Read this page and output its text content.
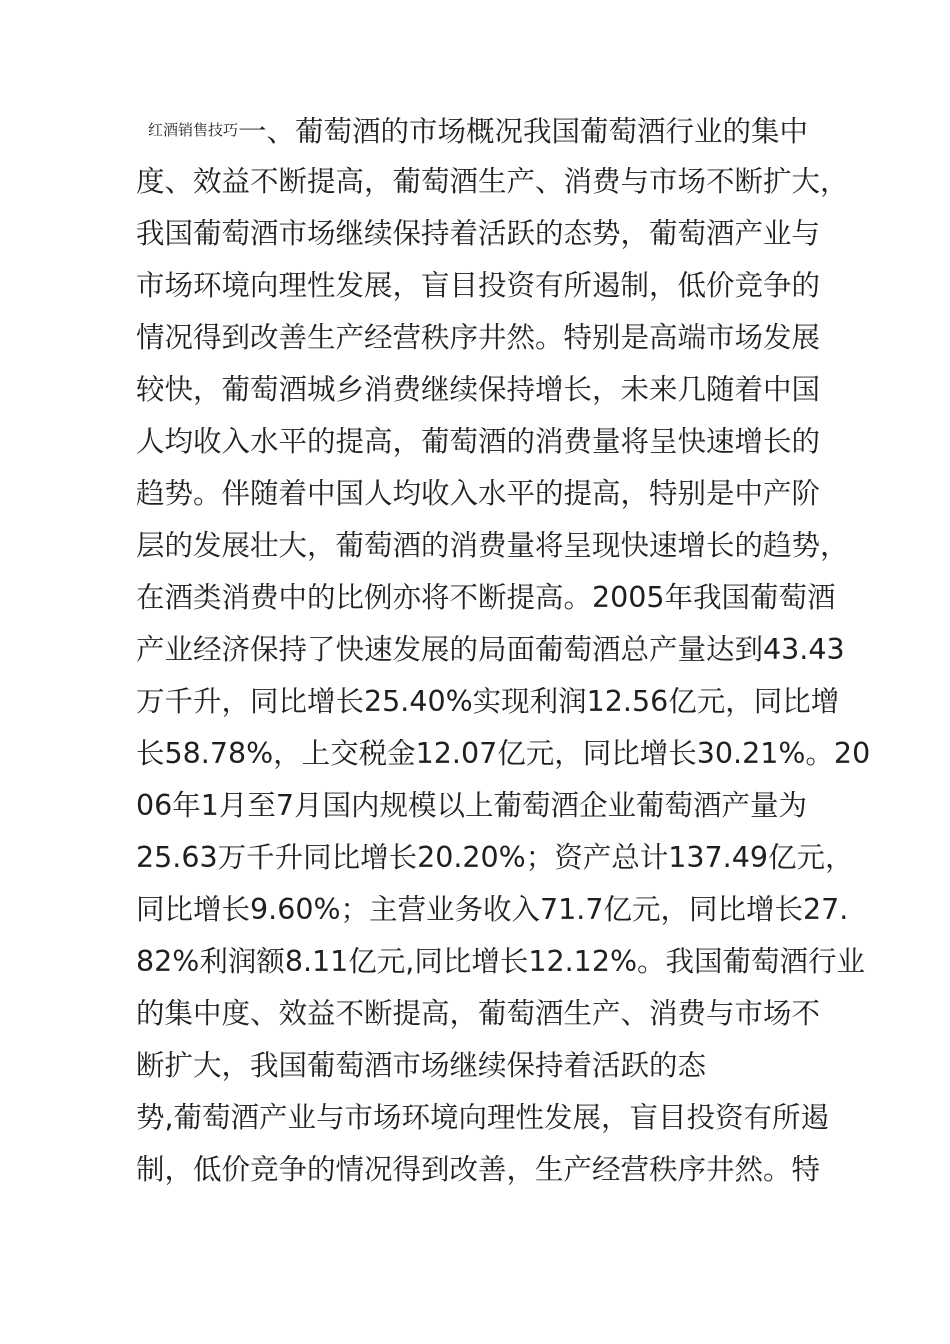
$^{红酒销售技巧}$一、葡萄酒的市场概况我国葡萄酒行业的集中
度、效益不断提高，葡萄酒生产、消费与市场不断扩大，
我国葡萄酒市场继续保持着活跃的态势，葡萄酒产业与
市场环境向理性发展，盲目投资有所遏制，低价竞争的
情况得到改善生产经营秩序井然。特别是高端市场发展
较快，葡萄酒城乡消费继续保持增长，未来几随着中国
人均收入水平的提高，葡萄酒的消费量将呈快速增长的
趋势。伴随着中国人均收入水平的提高，特别是中产阶
层的发展壮大，葡萄酒的消费量将呈现快速增长的趋势，
在酒类消费中的比例亦将不断提高。2005年我国葡萄酒
产业经济保持了快速发展的局面葡萄酒总产量达到43.43
万千升，同比增长25.40%实现利润12.56亿元，同比增
长58.78%，上交税金12.07亿元，同比增长30.21%。20
06年1月至7月国内规模以上葡萄酒企业葡萄酒产量为
25.63万千升同比增长20.20%；资产总计137.49亿元，
同比增长9.60%；主营业务收入71.7亿元，同比增长27.
82%利润额8.11亿元,同比增长12.12%。我国葡萄酒行业
的集中度、效益不断提高，葡萄酒生产、消费与市场不
断扩大，我国葡萄酒市场继续保持着活跃的态
势,葡萄酒产业与市场环境向理性发展，盲目投资有所遏
制，低价竞争的情况得到改善，生产经营秩序井然。特
